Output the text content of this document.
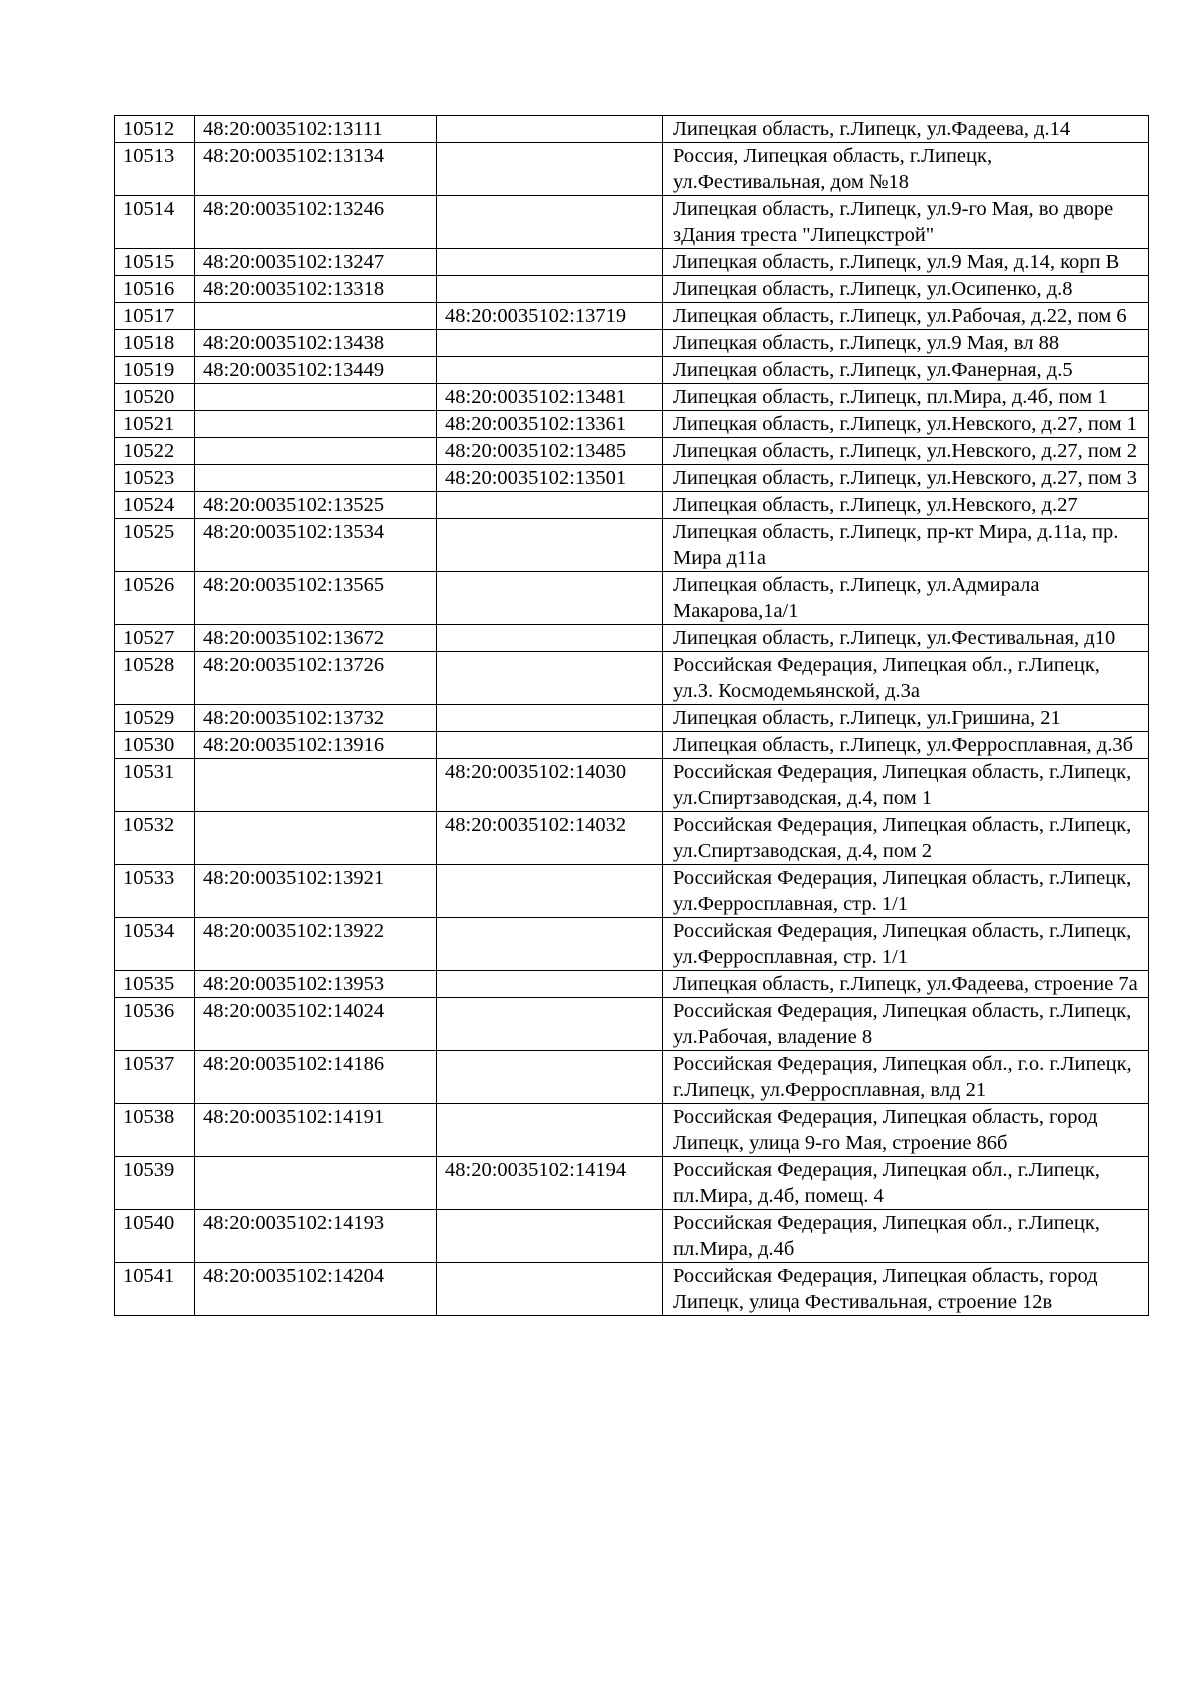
10512	48:20:0035102:13111		Липецкая область, г.Липецк, ул.Фадеева, д.14
10513	48:20:0035102:13134		Россия, Липецкая область, г.Липецк, ул.Фестивальная, дом №18
10514	48:20:0035102:13246		Липецкая область, г.Липецк, ул.9-го Мая, во дворе зДания треста "Липецкстрой"
10515	48:20:0035102:13247		Липецкая область, г.Липецк, ул.9 Мая, д.14, корп В
10516	48:20:0035102:13318		Липецкая область, г.Липецк, ул.Осипенко, д.8
10517		48:20:0035102:13719	Липецкая область, г.Липецк, ул.Рабочая, д.22, пом 6
10518	48:20:0035102:13438		Липецкая область, г.Липецк, ул.9 Мая, вл 88
10519	48:20:0035102:13449		Липецкая область, г.Липецк, ул.Фанерная, д.5
10520		48:20:0035102:13481	Липецкая область, г.Липецк, пл.Мира, д.4б, пом 1
10521		48:20:0035102:13361	Липецкая область, г.Липецк, ул.Невского, д.27, пом 1
10522		48:20:0035102:13485	Липецкая область, г.Липецк, ул.Невского, д.27, пом 2
10523		48:20:0035102:13501	Липецкая область, г.Липецк, ул.Невского, д.27, пом 3
10524	48:20:0035102:13525		Липецкая область, г.Липецк, ул.Невского, д.27
10525	48:20:0035102:13534		Липецкая область, г.Липецк, пр-кт Мира, д.11а, пр. Мира д11а
10526	48:20:0035102:13565		Липецкая область, г.Липецк, ул.Адмирала Макарова,1а/1
10527	48:20:0035102:13672		Липецкая область, г.Липецк, ул.Фестивальная, д10
10528	48:20:0035102:13726		Российская Федерация, Липецкая обл., г.Липецк, ул.З. Космодемьянской, д.3а
10529	48:20:0035102:13732		Липецкая область, г.Липецк, ул.Гришина, 21
10530	48:20:0035102:13916		Липецкая область, г.Липецк, ул.Ферросплавная, д.3б
10531		48:20:0035102:14030	Российская Федерация, Липецкая область, г.Липецк, ул.Спиртзаводская, д.4, пом 1
10532		48:20:0035102:14032	Российская Федерация, Липецкая область, г.Липецк, ул.Спиртзаводская, д.4, пом 2
10533	48:20:0035102:13921		Российская Федерация, Липецкая область, г.Липецк, ул.Ферросплавная, стр. 1/1
10534	48:20:0035102:13922		Российская Федерация, Липецкая область, г.Липецк, ул.Ферросплавная, стр. 1/1
10535	48:20:0035102:13953		Липецкая область, г.Липецк, ул.Фадеева, строение 7а
10536	48:20:0035102:14024		Российская Федерация, Липецкая область, г.Липецк, ул.Рабочая, владение 8
10537	48:20:0035102:14186		Российская Федерация, Липецкая обл., г.о. г.Липецк, г.Липецк, ул.Ферросплавная, влд 21
10538	48:20:0035102:14191		Российская Федерация, Липецкая область, город Липецк, улица 9-го Мая, строение 86б
10539		48:20:0035102:14194	Российская Федерация, Липецкая обл., г.Липецк, пл.Мира, д.4б, помещ. 4
10540	48:20:0035102:14193		Российская Федерация, Липецкая обл., г.Липецк, пл.Мира, д.4б
10541	48:20:0035102:14204		Российская Федерация, Липецкая область, город Липецк, улица Фестивальная, строение 12в
